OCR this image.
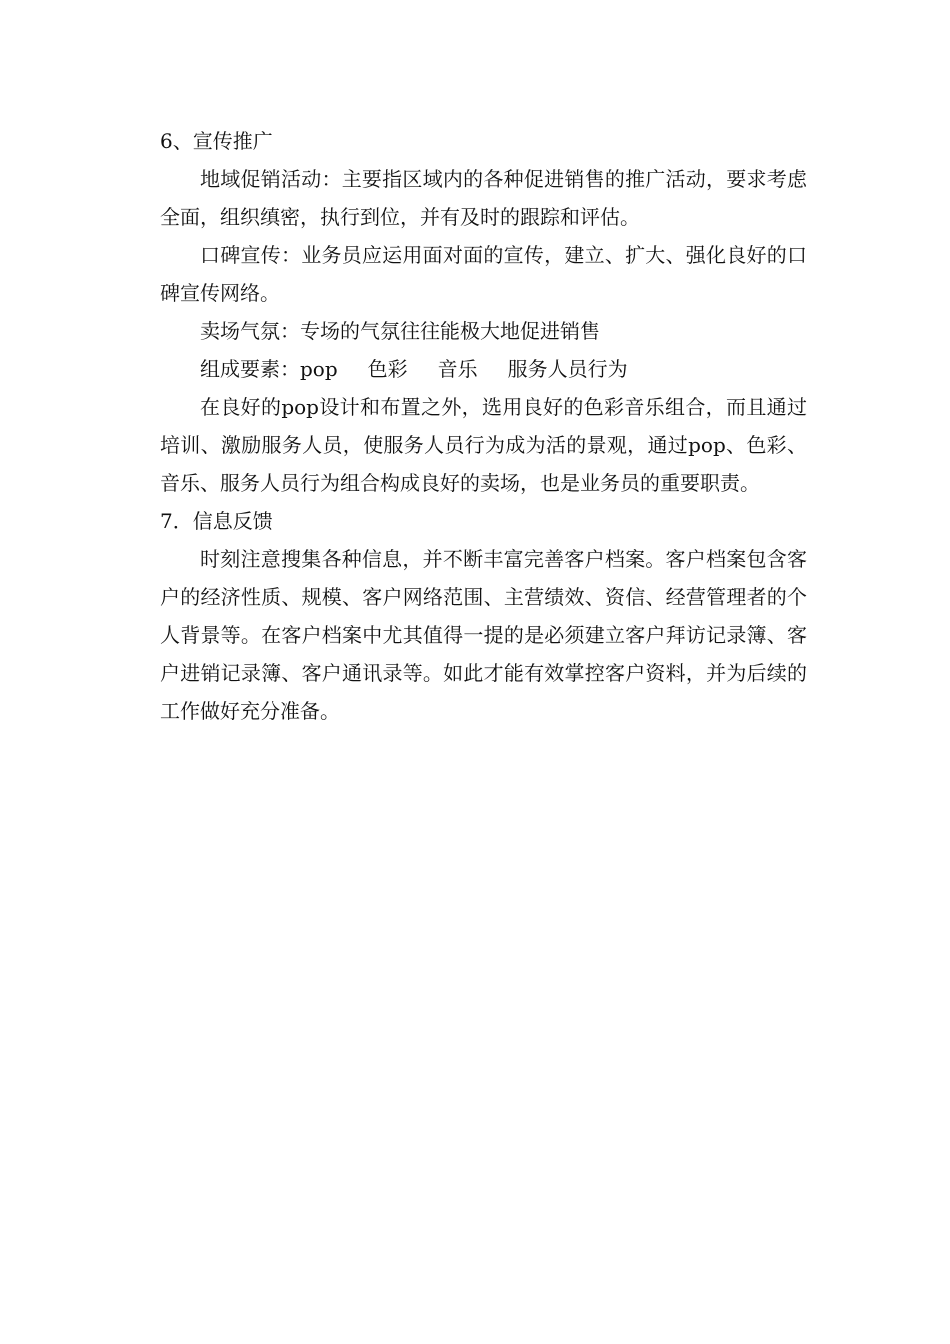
6、宣传推广

地域促销活动：主要指区域内的各种促进销售的推广活动，要求考虑全面，组织缜密，执行到位，并有及时的跟踪和评估。

口碑宣传：业务员应运用面对面的宣传，建立、扩大、强化良好的口碑宣传网络。

卖场气氛：专场的气氛往往能极大地促进销售

组成要素：pop 色彩 音乐 服务人员行为

在良好的pop设计和布置之外，选用良好的色彩音乐组合，而且通过培训、激励服务人员，使服务人员行为成为活的景观，通过pop、色彩、音乐、服务人员行为组合构成良好的卖场，也是业务员的重要职责。

7．信息反馈

时刻注意搜集各种信息，并不断丰富完善客户档案。客户档案包含客户的经济性质、规模、客户网络范围、主营绩效、资信、经营管理者的个人背景等。在客户档案中尤其值得一提的是必须建立客户拜访记录簿、客户进销记录簿、客户通讯录等。如此才能有效掌控客户资料，并为后续的工作做好充分准备。
